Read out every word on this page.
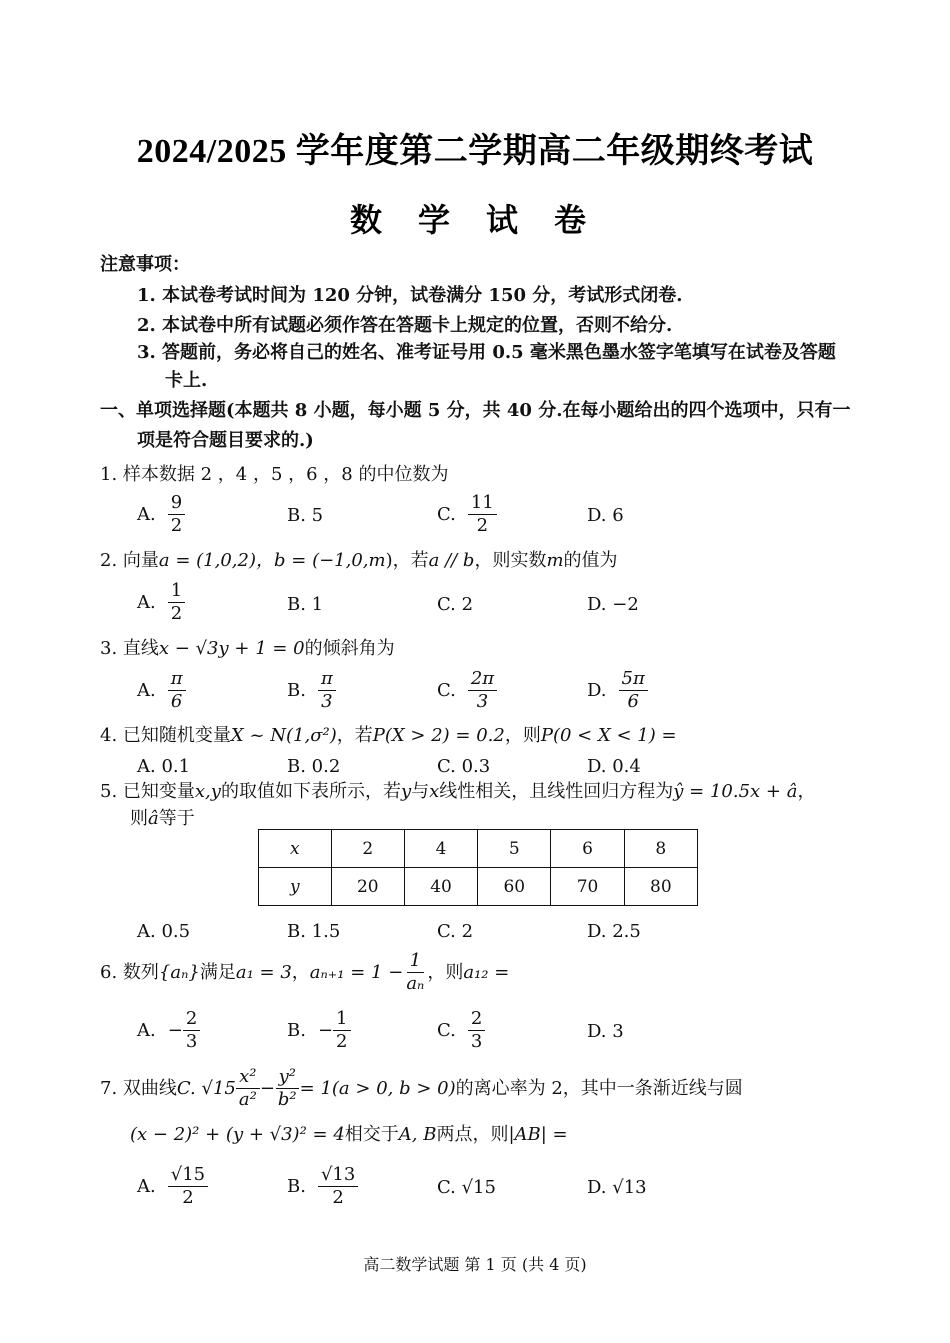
2024/2025 学年度第二学期高二年级期终考试
数 学 试 卷
注意事项：
1. 本试卷考试时间为 120 分钟，试卷满分 150 分，考试形式闭卷.
2. 本试卷中所有试题必须作答在答题卡上规定的位置，否则不给分.
3. 答题前，务必将自己的姓名、准考证号用 0.5 毫米黑色墨水签字笔填写在试卷及答题
卡上.
一、单项选择题(本题共 8 小题，每小题 5 分，共 40 分.在每小题给出的四个选项中，只有一
项是符合题目要求的.)
1. 样本数据 2 ，4 ，5 ，6 ，8 的中位数为
A. $\frac{9}{2}$	B. 5	C. $\frac{11}{2}$	D. 6
2. 向量a = (1,0,2)，b = (−1,0,m)，若a // b，则实数m的值为
A. $\frac{1}{2}$	B. 1	C. 2	D. −2
3. 直线x − √3y + 1 = 0的倾斜角为
A. $\frac{\pi}{6}$	B. $\frac{\pi}{3}$	C. $\frac{2\pi}{3}$	D. $\frac{5\pi}{6}$
4. 已知随机变量X ~ N(1,σ²)，若P(X > 2) = 0.2，则P(0 < X < 1) =
A. 0.1	B. 0.2	C. 0.3	D. 0.4
5. 已知变量x,y的取值如下表所示，若y与x线性相关，且线性回归方程为ŷ = 10.5x + â，
则â等于
x	2	4	5	6	8
y	20	40	60	70	80
A. 0.5	B. 1.5	C. 2	D. 2.5
6. 数列 {aₙ} 满足 a₁ = 3 ， $a_{n+1} = 1 - \frac{1}{\text{aₙ}}$ ，则 a₁₂ =
A. − $\frac{2}{3}$	B. − $\frac{1}{2}$	C. $\frac{2}{3}$	D. 3
7. 双曲线 C. $√15 \frac{\text{x²}}{\text{a²}} - \frac{\text{y²}}{\text{b²}} = 1(a > 0$, b > 0) 的离心率为 2，其中一条渐近线与圆
(x − 2)² + (y + √3)² = 4相交于A, B两点，则|AB| =
A. $\frac{√15}{2}$	B. $\frac{√13}{2}$	C. √15	D. √13
高二数学试题 第 1 页 (共 4 页)
